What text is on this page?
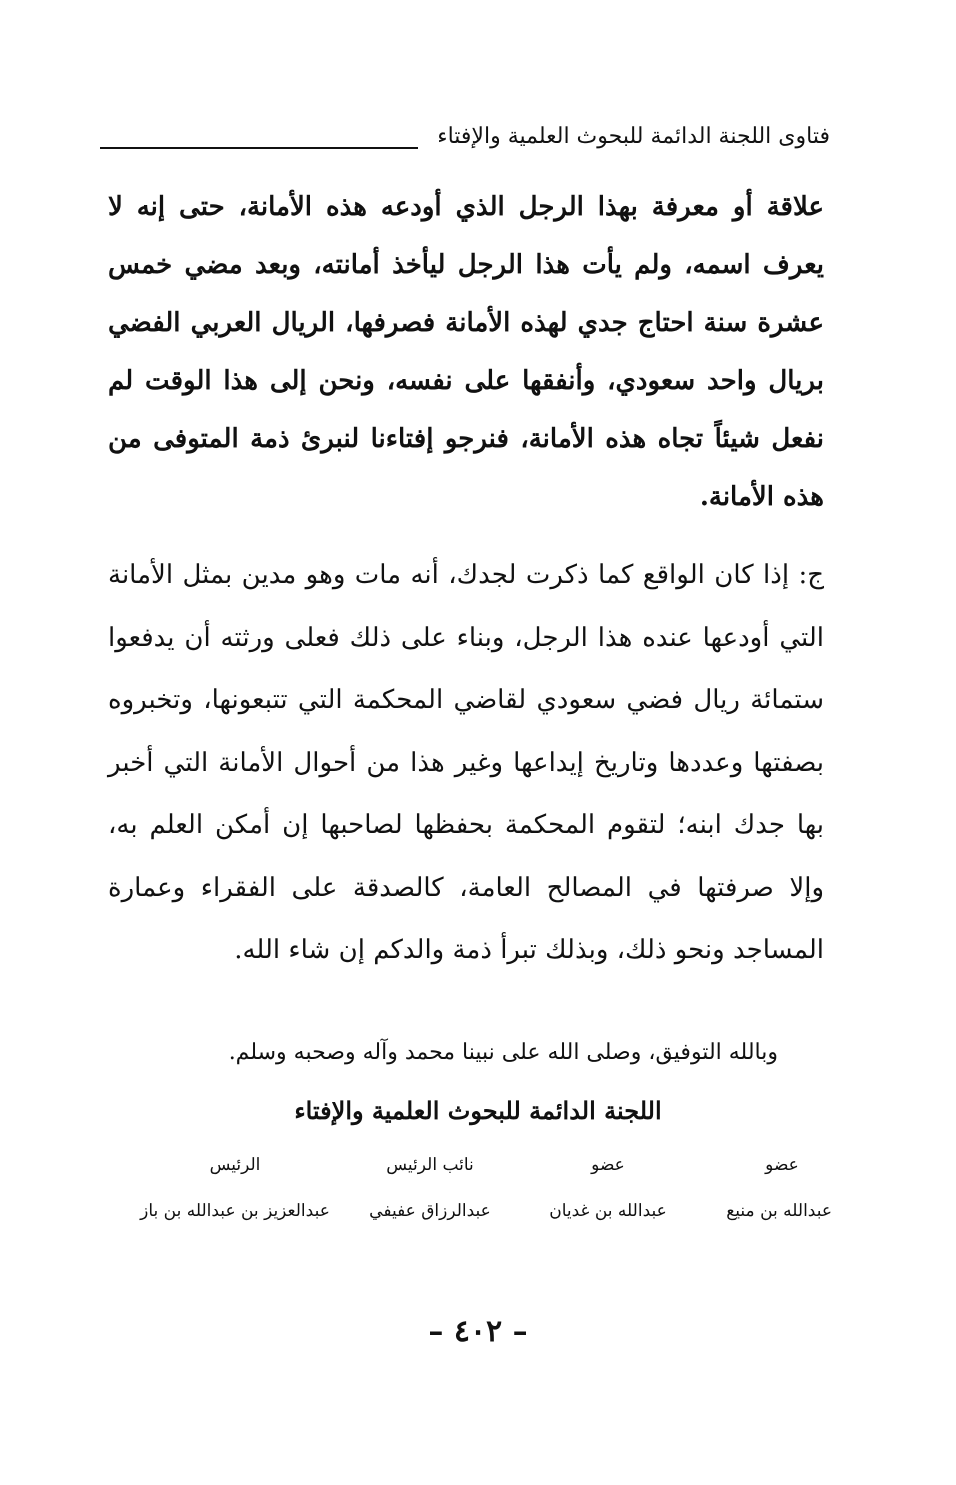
فتاوى اللجنة الدائمة للبحوث العلمية والإفتاء
علاقة أو معرفة بهذا الرجل الذي أودعه هذه الأمانة، حتى إنه لا يعرف اسمه، ولم يأت هذا الرجل ليأخذ أمانته، وبعد مضي خمس عشرة سنة احتاج جدي لهذه الأمانة فصرفها، الريال العربي الفضي بريال واحد سعودي، وأنفقها على نفسه، ونحن إلى هذا الوقت لم نفعل شيئاً تجاه هذه الأمانة، فنرجو إفتاءنا لنبرئ ذمة المتوفى من هذه الأمانة.
ج: إذا كان الواقع كما ذكرت لجدك، أنه مات وهو مدين بمثل الأمانة التي أودعها عنده هذا الرجل، وبناء على ذلك فعلى ورثته أن يدفعوا ستمائة ريال فضي سعودي لقاضي المحكمة التي تتبعونها، وتخبروه بصفتها وعددها وتاريخ إيداعها وغير هذا من أحوال الأمانة التي أخبر بها جدك ابنه؛ لتقوم المحكمة بحفظها لصاحبها إن أمكن العلم به، وإلا صرفتها في المصالح العامة، كالصدقة على الفقراء وعمارة المساجد ونحو ذلك، وبذلك تبرأ ذمة والدكم إن شاء الله.
وبالله التوفيق، وصلى الله على نبينا محمد وآله وصحبه وسلم.
اللجنة الدائمة للبحوث العلمية والإفتاء
عضو
عبدالله بن منيع
عضو
عبدالله بن غديان
نائب الرئيس
عبدالرزاق عفيفي
الرئيس
عبدالعزيز بن عبدالله بن باز
– ٤٠٢ –
